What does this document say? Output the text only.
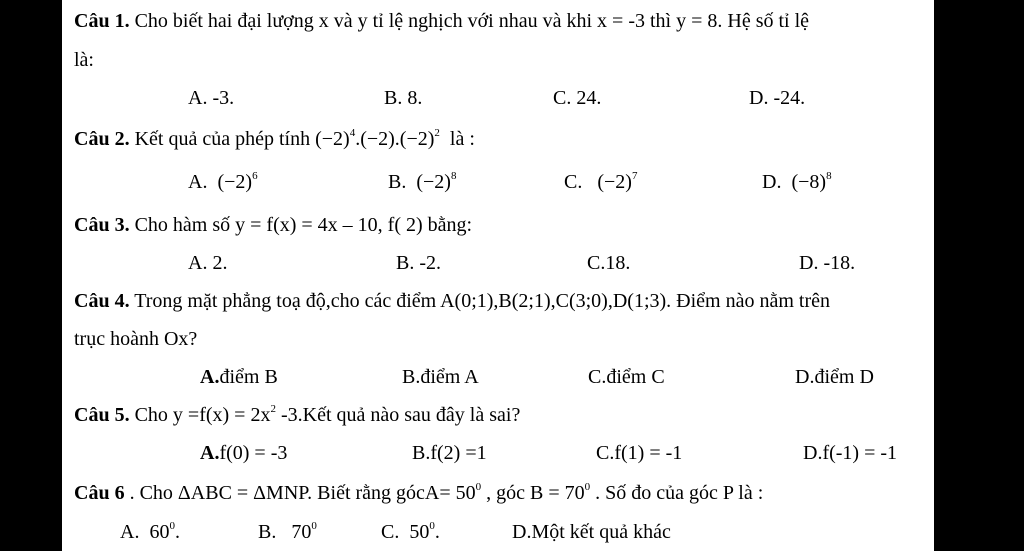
Câu 1. Cho biết hai đại lượng x và y tỉ lệ nghịch với nhau và khi x = -3 thì y = 8. Hệ số tỉ lệ
là:
A. -3.	B. 8.	C. 24.	D. -24.
Câu 2. Kết quả của phép tính $(-2)^4.(-2).(-2)^2$ là :
A. $(-2)^6$	B. $(-2)^8$	C. $(-2)^7$	D. $(-8)^8$
Câu 3. Cho hàm số y = f(x) = 4x – 10, f( 2) bằng:
A. 2.	B. -2.	C.18.	D. -18.
Câu 4. Trong mặt phẳng toạ độ,cho các điểm A(0;1),B(2;1),C(3;0),D(1;3). Điểm nào nằm trên
trục hoành Ox?
A.điểm B	B.điểm A	C.điểm C	D.điểm D
Câu 5. Cho $y =f(x) = 2x^2$ -3.Kết quả nào sau đây là sai?
A.f(0) = -3	B.f(2) =1	C.f(1) = -1	D.f(-1) = -1
Câu 6 . Cho ΔABC = ΔMNP. Biết rằng gócA= $50^0$ , góc $B = 70^0$ . Số đo của góc P là :
A. $60^0$.	B. $70^0$	C. $50^0$.	D.Một kết quả khác
